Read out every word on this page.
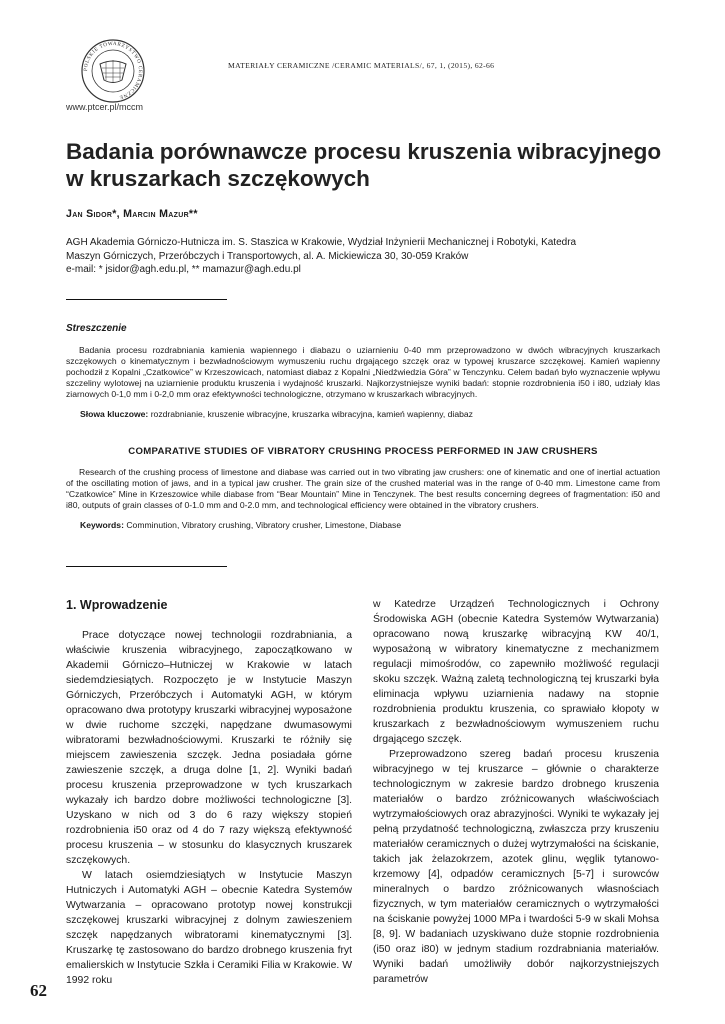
POLSKIE TOWARZYSTWO CERAMICZNE
www.ptcer.pl/mccm
MATERIAŁY CERAMICZNE /CERAMIC MATERIALS/, 67, 1, (2015), 62-66
Badania porównawcze procesu kruszenia wibracyjnego w kruszarkach szczękowych
Jan Sidor*, Marcin Mazur**
AGH Akademia Górniczo-Hutnicza im. S. Staszica w Krakowie, Wydział Inżynierii Mechanicznej i Robotyki, Katedra
Maszyn Górniczych, Przeróbczych i Transportowych, al. A. Mickiewicza 30, 30-059 Kraków
e-mail: * jsidor@agh.edu.pl, ** mamazur@agh.edu.pl
Streszczenie
Badania procesu rozdrabniania kamienia wapiennego i diabazu o uziarnieniu 0-40 mm przeprowadzono w dwóch wibracyjnych kruszarkach szczękowych o kinematycznym i bezwładnościowym wymuszeniu ruchu drgającego szczęk oraz w typowej kruszarce szczękowej. Kamień wapienny pochodził z Kopalni „Czatkowice” w Krzeszowicach, natomiast diabaz z Kopalni „Niedźwiedzia Góra” w Tenczynku. Celem badań było wyznaczenie wpływu szczeliny wylotowej na uziarnienie produktu kruszenia i wydajność kruszarki. Najkorzystniejsze wyniki badań: stopnie rozdrobnienia i50 i i80, udziały klas ziarnowych 0-1,0 mm i 0-2,0 mm oraz efektywności technologiczne, otrzymano w kruszarkach wibracyjnych.
Słowa kluczowe: rozdrabnianie, kruszenie wibracyjne, kruszarka wibracyjna, kamień wapienny, diabaz
COMPARATIVE STUDIES OF VIBRATORY CRUSHING PROCESS PERFORMED IN JAW CRUSHERS
Research of the crushing process of limestone and diabase was carried out in two vibrating jaw crushers: one of kinematic and one of inertial actuation of the oscillating motion of jaws, and in a typical jaw crusher. The grain size of the crushed material was in the range of 0-40 mm. Limestone came from “Czatkowice” Mine in Krzeszowice while diabase from “Bear Mountain” Mine in Tenczynek. The best results concerning degrees of fragmentation: i50 and i80, outputs of grain classes of 0-1.0 mm and 0-2.0 mm, and technological efficiency were obtained in the vibratory crushers.
Keywords: Comminution, Vibratory crushing, Vibratory crusher, Limestone, Diabase
1. Wprowadzenie

Prace dotyczące nowej technologii rozdrabniania, a właściwie kruszenia wibracyjnego, zapoczątkowano w Akademii Górniczo–Hutniczej w Krakowie w latach siedemdziesiątych. Rozpoczęto je w Instytucie Maszyn Górniczych, Przeróbczych i Automatyki AGH, w którym opracowano dwa prototypy kruszarki wibracyjnej wyposażone w dwie ruchome szczęki, napędzane dwumasowymi wibratorami bezwładnościowymi. Kruszarki te różniły się miejscem zawieszenia szczęk. Jedna posiadała górne zawieszenie szczęk, a druga dolne [1, 2]. Wyniki badań procesu kruszenia przeprowadzone w tych kruszarkach wykazały ich bardzo dobre możliwości technologiczne [3]. Uzyskano w nich od 3 do 6 razy większy stopień rozdrobnienia i50 oraz od 4 do 7 razy większą efektywność procesu kruszenia – w stosunku do klasycznych kruszarek szczękowych.

W latach osiemdziesiątych w Instytucie Maszyn Hutniczych i Automatyki AGH – obecnie Katedra Systemów Wytwarzania – opracowano prototyp nowej konstrukcji szczękowej kruszarki wibracyjnej z dolnym zawieszeniem szczęk napędzanych wibratorami kinematycznymi [3]. Kruszarkę tę zastosowano do bardzo drobnego kruszenia fryt emalierskich w Instytucie Szkła i Ceramiki Filia w Krakowie. W 1992 roku

w Katedrze Urządzeń Technologicznych i Ochrony Środowiska AGH (obecnie Katedra Systemów Wytwarzania) opracowano nową kruszarkę wibracyjną KW 40/1, wyposażoną w wibratory kinematyczne z mechanizmem regulacji mimośrodów, co zapewniło możliwość regulacji skoku szczęk. Ważną zaletą technologiczną tej kruszarki była eliminacja wpływu uziarnienia nadawy na stopnie rozdrobnienia produktu kruszenia, co sprawiało kłopoty w kruszarkach z bezwładnościowym wymuszeniem ruchu drgającego szczęk.

Przeprowadzono szereg badań procesu kruszenia wibracyjnego w tej kruszarce – głównie o charakterze technologicznym w zakresie bardzo drobnego kruszenia materiałów o bardzo zróżnicowanych właściwościach wytrzymałościowych oraz abrazyjności. Wyniki te wykazały jej pełną przydatność technologiczną, zwłaszcza przy kruszeniu materiałów ceramicznych o dużej wytrzymałości na ściskanie, takich jak żelazokrzem, azotek glinu, węglik tytanowo-krzemowy [4], odpadów ceramicznych [5-7] i surowców mineralnych o bardzo zróżnicowanych własnościach fizycznych, w tym materiałów ceramicznych o wytrzymałości na ściskanie powyżej 1000 MPa i twardości 5-9 w skali Mohsa [8, 9]. W badaniach uzyskiwano duże stopnie rozdrobnienia (i50 oraz i80) w jednym stadium rozdrabniania materiałów. Wyniki badań umożliwiły dobór najkorzystniejszych parametrów

62
